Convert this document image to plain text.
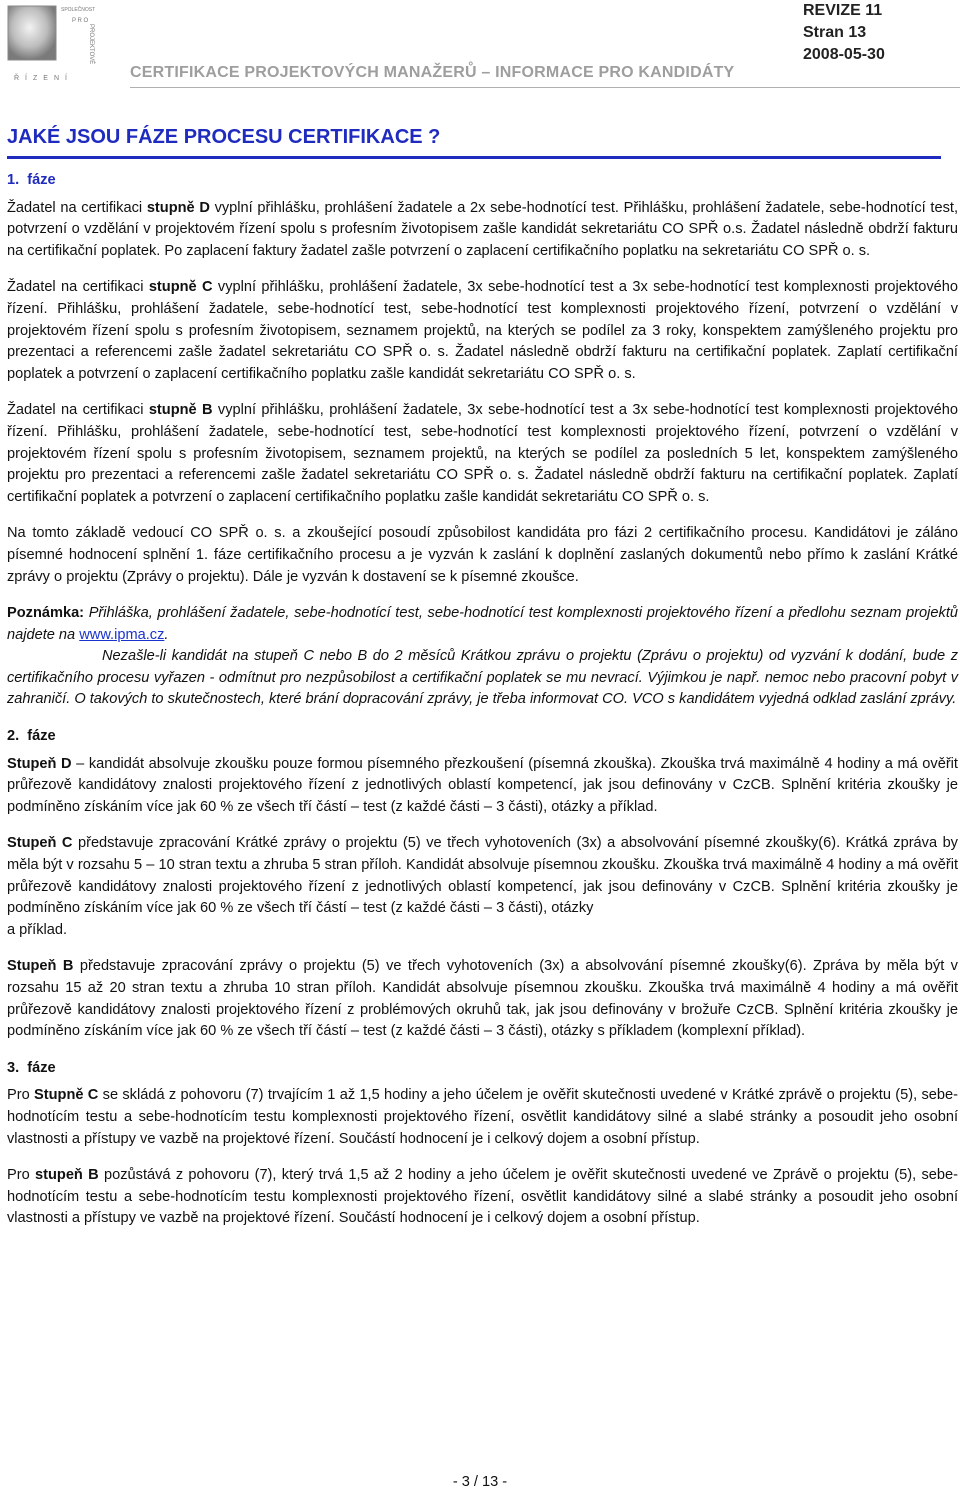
SPOLEČNOST
PROJEKTOVÉ
P R O
ŘÍZENÍ	CERTIFIKACE PROJEKTOVÝCH MANAŽERŮ – INFORMACE PRO KANDIDÁTY
REVIZE 11
Stran 13
2008-05-30
JAKÉ JSOU FÁZE PROCESU CERTIFIKACE ?
1. fáze

Žadatel na certifikaci stupně D vyplní přihlášku, prohlášení žadatele a 2x sebe-hodnotící test. Přihlášku, prohlášení žadatele, sebe-hodnotící test, potvrzení o vzdělání v projektovém řízení spolu s profesním životopisem zašle kandidát sekretariátu CO SPŘ o.s. Žadatel následně obdrží fakturu na certifikační poplatek. Po zaplacení faktury žadatel zašle potvrzení o zaplacení certifikačního poplatku na sekretariátu CO SPŘ o. s.

Žadatel na certifikaci stupně C vyplní přihlášku, prohlášení žadatele, 3x sebe-hodnotící test a 3x sebe-hodnotící test komplexnosti projektového řízení. Přihlášku, prohlášení žadatele, sebe-hodnotící test, sebe-hodnotící test komplexnosti projektového řízení, potvrzení o vzdělání v projektovém řízení spolu s profesním životopisem, seznamem projektů, na kterých se podílel za 3 roky, konspektem zamýšleného projektu pro prezentaci a referencemi zašle žadatel sekretariátu CO SPŘ o. s. Žadatel následně obdrží fakturu na certifikační poplatek. Zaplatí certifikační poplatek a potvrzení o zaplacení certifikačního poplatku zašle kandidát sekretariátu CO SPŘ o. s.

Žadatel na certifikaci stupně B vyplní přihlášku, prohlášení žadatele, 3x sebe-hodnotící test a 3x sebe-hodnotící test komplexnosti projektového řízení. Přihlášku, prohlášení žadatele, sebe-hodnotící test, sebe-hodnotící test komplexnosti projektového řízení, potvrzení o vzdělání v projektovém řízení spolu s profesním životopisem, seznamem projektů, na kterých se podílel za posledních 5 let, konspektem zamýšleného projektu pro prezentaci a referencemi zašle žadatel sekretariátu CO SPŘ o. s. Žadatel následně obdrží fakturu na certifikační poplatek. Zaplatí certifikační poplatek a potvrzení o zaplacení certifikačního poplatku zašle kandidát sekretariátu CO SPŘ o. s.

Na tomto základě vedoucí CO SPŘ o. s. a zkoušející posoudí způsobilost kandidáta pro fázi 2 certifikačního procesu. Kandidátovi je záláno písemné hodnocení splnění 1. fáze certifikačního procesu a je vyzván k zaslání k doplnění zaslaných dokumentů nebo přímo k zaslání Krátké zprávy o projektu (Zprávy o projektu). Dále je vyzván k dostavení se k písemné zkoušce.

Poznámka: Přihláška, prohlášení žadatele, sebe-hodnotící test, sebe-hodnotící test komplexnosti projektového řízení a předlohu seznam projektů najdete na www.ipma.cz.

Nezašle-li kandidát na stupeň C nebo B do 2 měsíců Krátkou zprávu o projektu (Zprávu o projektu) od vyzvání k dodání, bude z certifikačního procesu vyřazen - odmítnut pro nezpůsobilost a certifikační poplatek se mu nevrací. Výjimkou je např. nemoc nebo pracovní pobyt v zahraničí. O takových to skutečnostech, které brání dopracování zprávy, je třeba informovat CO. VCO s kandidátem vyjedná odklad zaslání zprávy.

2. fáze

Stupeň D – kandidát absolvuje zkoušku pouze formou písemného přezkoušení (písemná zkouška). Zkouška trvá maximálně 4 hodiny a má ověřit průřezově kandidátovy znalosti projektového řízení z jednotlivých oblastí kompetencí, jak jsou definovány v CzCB. Splnění kritéria zkoušky je podmíněno získáním více jak 60 % ze všech tří částí – test (z každé části – 3 části), otázky a příklad.

Stupeň C představuje zpracování Krátké zprávy o projektu (5) ve třech vyhotoveních (3x) a absolvování písemné zkoušky(6). Krátká zpráva by měla být v rozsahu 5 – 10 stran textu a zhruba 5 stran příloh. Kandidát absolvuje písemnou zkoušku. Zkouška trvá maximálně 4 hodiny a má ověřit průřezově kandidátovy znalosti projektového řízení z jednotlivých oblastí kompetencí, jak jsou definovány v CzCB. Splnění kritéria zkoušky je podmíněno získáním více jak 60 % ze všech tří částí – test (z každé části – 3 části), otázky

a příklad.

Stupeň B představuje zpracování zprávy o projektu (5) ve třech vyhotoveních (3x) a absolvování písemné zkoušky(6). Zpráva by měla být v rozsahu 15 až 20 stran textu a zhruba 10 stran příloh. Kandidát absolvuje písemnou zkoušku. Zkouška trvá maximálně 4 hodiny a má ověřit průřezově kandidátovy znalosti projektového řízení z problémových okruhů tak, jak jsou definovány v brožuře CzCB. Splnění kritéria zkoušky je podmíněno získáním více jak 60 % ze všech tří částí – test (z každé části – 3 části), otázky s příkladem (komplexní příklad).

3. fáze

Pro Stupně C se skládá z pohovoru (7) trvajícím 1 až 1,5 hodiny a jeho účelem je ověřit skutečnosti uvedené v Krátké zprávě o projektu (5), sebe-hodnotícím testu a sebe-hodnotícím testu komplexnosti projektového řízení, osvětlit kandidátovy silné a slabé stránky a posoudit jeho osobní vlastnosti a přístupy ve vazbě na projektové řízení. Součástí hodnocení je i celkový dojem a osobní přístup.

Pro stupeň B pozůstává z pohovoru (7), který trvá 1,5 až 2 hodiny a jeho účelem je ověřit skutečnosti uvedené ve Zprávě o projektu (5), sebe-hodnotícím testu a sebe-hodnotícím testu komplexnosti projektového řízení, osvětlit kandidátovy silné a slabé stránky a posoudit jeho osobní vlastnosti a přístupy ve vazbě na projektové řízení. Součástí hodnocení je i celkový dojem a osobní přístup.

- 3 / 13 -
